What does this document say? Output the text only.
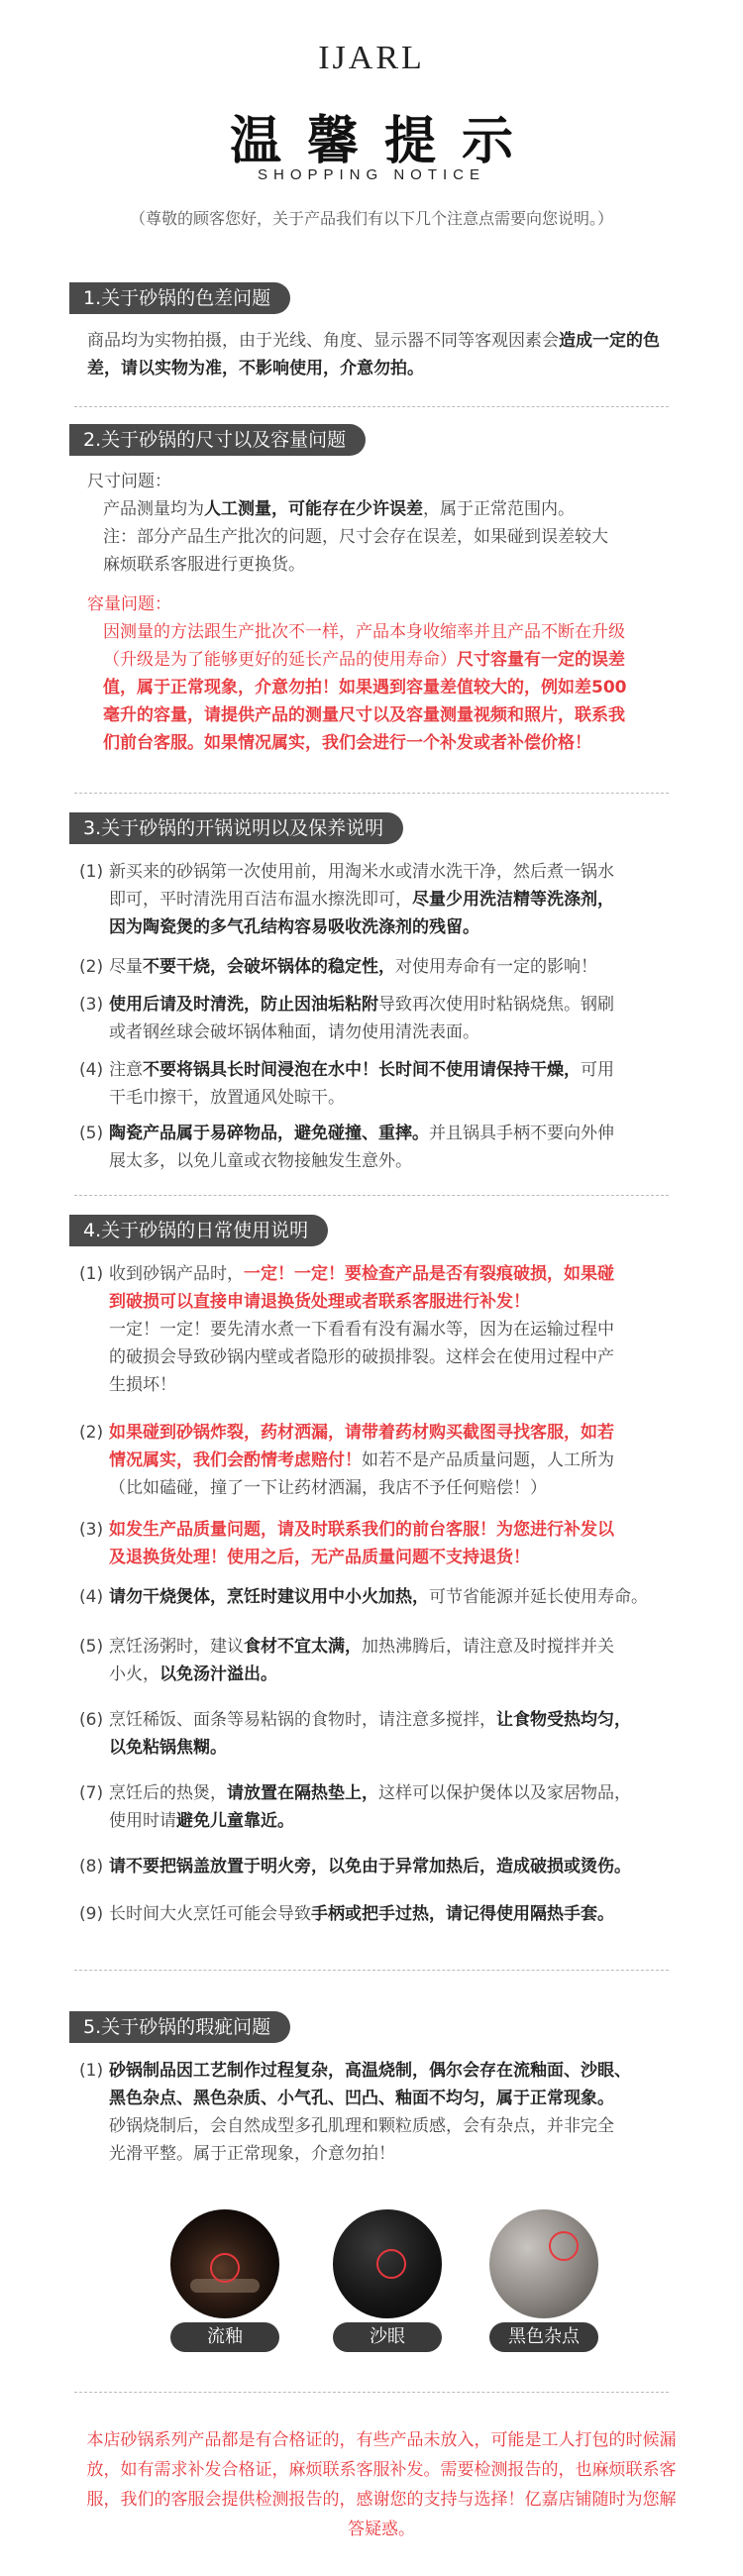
IJARL
温馨提示
SHOPPING NOTICE
（尊敬的顾客您好，关于产品我们有以下几个注意点需要向您说明。）
1.关于砂锅的色差问题
商品均为实物拍摄，由于光线、角度、显示器不同等客观因素会造成一定的色差，请以实物为准，不影响使用，介意勿拍。
2.关于砂锅的尺寸以及容量问题
尺寸问题：
产品测量均为人工测量，可能存在少许误差，属于正常范围内。
注：部分产品生产批次的问题，尺寸会存在误差，如果碰到误差较大
麻烦联系客服进行更换货。
容量问题：
因测量的方法跟生产批次不一样，产品本身收缩率并且产品不断在升级
（升级是为了能够更好的延长产品的使用寿命）尺寸容量有一定的误差
值，属于正常现象，介意勿拍！如果遇到容量差值较大的，例如差500
毫升的容量，请提供产品的测量尺寸以及容量测量视频和照片，联系我
们前台客服。如果情况属实，我们会进行一个补发或者补偿价格！
3.关于砂锅的开锅说明以及保养说明
(1) 新买来的砂锅第一次使用前，用淘米水或清水洗干净，然后煮一锅水
即可，平时清洗用百洁布温水擦洗即可，尽量少用洗洁精等洗涤剂，
因为陶瓷煲的多气孔结构容易吸收洗涤剂的残留。
(2) 尽量不要干烧，会破坏锅体的稳定性，对使用寿命有一定的影响！
(3) 使用后请及时清洗，防止因油垢粘附导致再次使用时粘锅烧焦。钢刷
或者钢丝球会破坏锅体釉面，请勿使用清洗表面。
(4) 注意不要将锅具长时间浸泡在水中！长时间不使用请保持干燥，可用
干毛巾擦干，放置通风处晾干。
(5) 陶瓷产品属于易碎物品，避免碰撞、重摔。并且锅具手柄不要向外伸
展太多，以免儿童或衣物接触发生意外。
4.关于砂锅的日常使用说明
(1) 收到砂锅产品时，一定！一定！要检查产品是否有裂痕破损，如果碰
到破损可以直接申请退换货处理或者联系客服进行补发！
一定！一定！要先清水煮一下看看有没有漏水等，因为在运输过程中
的破损会导致砂锅内壁或者隐形的破损排裂。这样会在使用过程中产
生损坏！
(2) 如果碰到砂锅炸裂，药材洒漏，请带着药材购买截图寻找客服，如若
情况属实，我们会酌情考虑赔付！如若不是产品质量问题，人工所为
（比如磕碰，撞了一下让药材洒漏，我店不予任何赔偿！）
(3) 如发生产品质量问题，请及时联系我们的前台客服！为您进行补发以
及退换货处理！使用之后，无产品质量问题不支持退货！
(4) 请勿干烧煲体，烹饪时建议用中小火加热，可节省能源并延长使用寿命。
(5) 烹饪汤粥时，建议食材不宜太满，加热沸腾后，请注意及时搅拌并关
小火，以免汤汁溢出。
(6) 烹饪稀饭、面条等易粘锅的食物时，请注意多搅拌，让食物受热均匀，
以免粘锅焦糊。
(7) 烹饪后的热煲，请放置在隔热垫上，这样可以保护煲体以及家居物品，
使用时请避免儿童靠近。
(8) 请不要把锅盖放置于明火旁，以免由于异常加热后，造成破损或烫伤。
(9) 长时间大火烹饪可能会导致手柄或把手过热，请记得使用隔热手套。
5.关于砂锅的瑕疵问题
(1) 砂锅制品因工艺制作过程复杂，高温烧制，偶尔会存在流釉面、沙眼、
黑色杂点、黑色杂质、小气孔、凹凸、釉面不均匀，属于正常现象。
砂锅烧制后，会自然成型多孔肌理和颗粒质感，会有杂点，并非完全
光滑平整。属于正常现象，介意勿拍！
流釉	沙眼	黑色杂点
本店砂锅系列产品都是有合格证的，有些产品未放入，可能是工人打包的时候漏放，如有需求补发合格证，麻烦联系客服补发。需要检测报告的，也麻烦联系客服，我们的客服会提供检测报告的，感谢您的支持与选择！亿嘉店铺随时为您解答疑惑。
